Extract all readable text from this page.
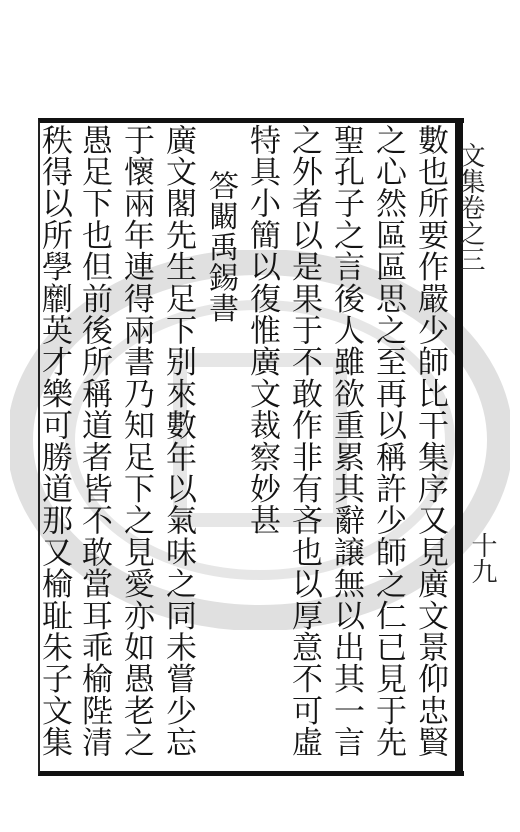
文集卷之三
十九
數也所要作嚴少師比干集序又見廣文景仰忠賢
之心然區區思之至再以稱許少師之仁已見于先
聖孔子之言後人雖欲重累其辭譲無以出其一言
之外者以是果于不敢作非有吝也以厚意不可虛
特具小簡以復惟廣文裁察妙甚
答闞禹錫書
廣文閣先生足下别來數年以氣味之同未嘗少忘
于懷兩年連得兩書乃知足下之見愛亦如愚老之
愚足下也但前後所稱道者皆不敢當耳乖榆陛清
秩得以所學劘英才樂可勝道那又榆耻朱子文集
